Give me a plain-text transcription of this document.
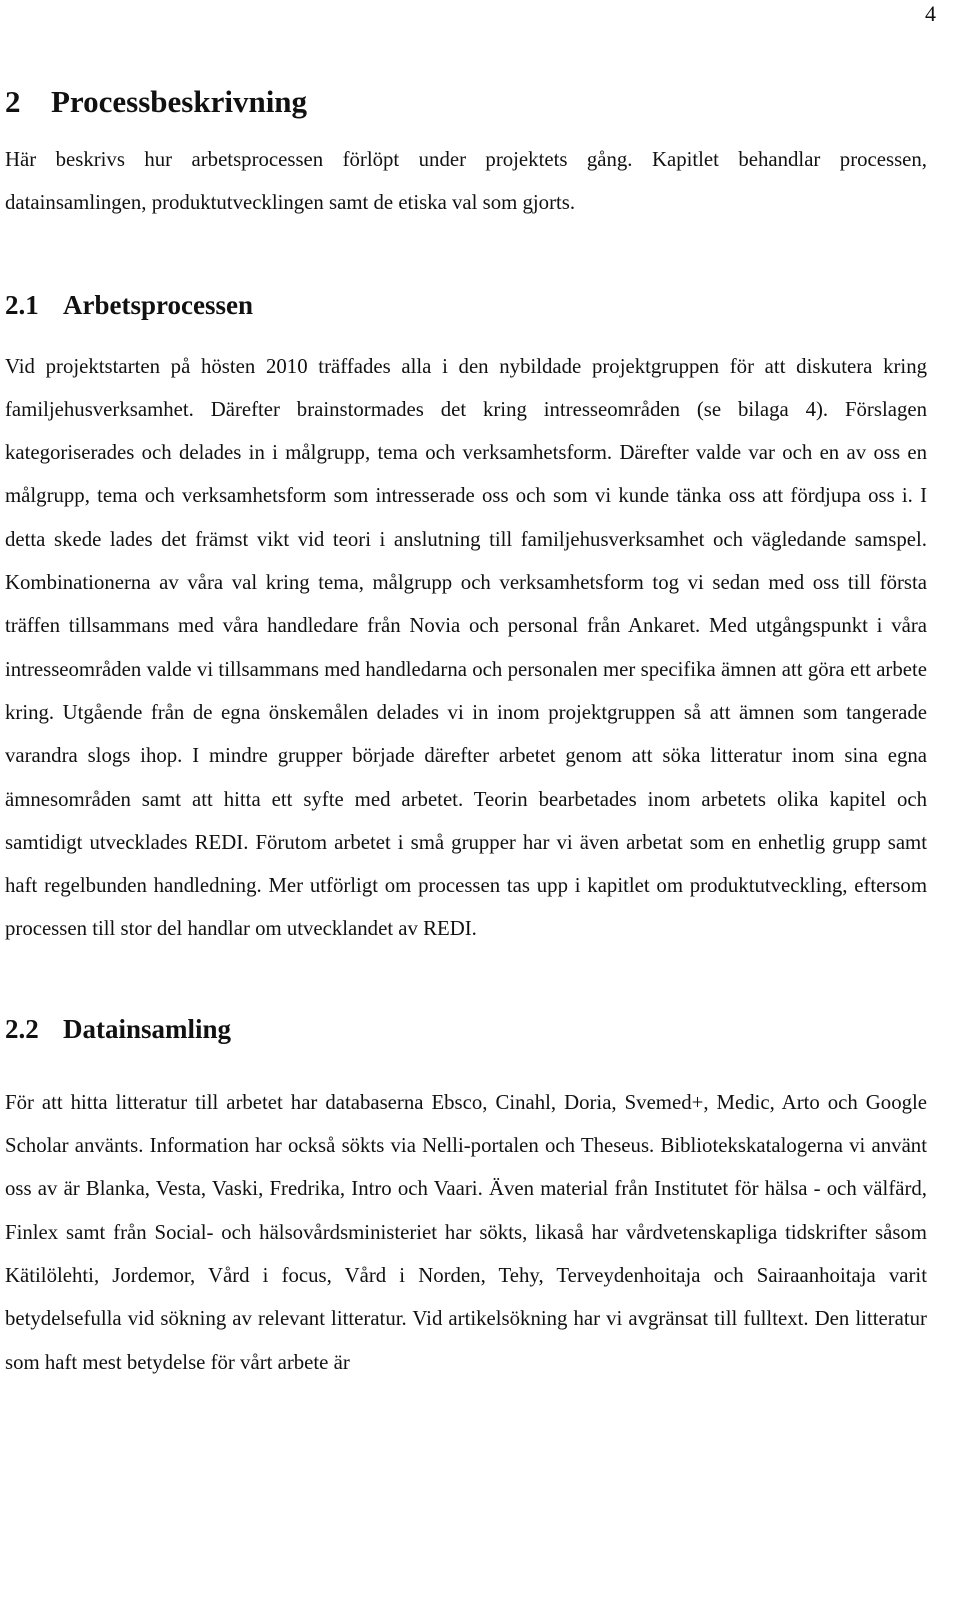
4
2 Processbeskrivning

Här beskrivs hur arbetsprocessen förlöpt under projektets gång. Kapitlet behandlar processen, datainsamlingen, produktutvecklingen samt de etiska val som gjorts.

2.1 Arbetsprocessen

Vid projektstarten på hösten 2010 träffades alla i den nybildade projektgruppen för att diskutera kring familjehusverksamhet. Därefter brainstormades det kring intresseområden (se bilaga 4). Förslagen kategoriserades och delades in i målgrupp, tema och verksamhetsform. Därefter valde var och en av oss en målgrupp, tema och verksamhetsform som intresserade oss och som vi kunde tänka oss att fördjupa oss i. I detta skede lades det främst vikt vid teori i anslutning till familjehusverksamhet och vägledande samspel. Kombinationerna av våra val kring tema, målgrupp och verksamhetsform tog vi sedan med oss till första träffen tillsammans med våra handledare från Novia och personal från Ankaret. Med utgångspunkt i våra intresseområden valde vi tillsammans med handledarna och personalen mer specifika ämnen att göra ett arbete kring. Utgående från de egna önskemålen delades vi in inom projektgruppen så att ämnen som tangerade varandra slogs ihop. I mindre grupper började därefter arbetet genom att söka litteratur inom sina egna ämnesområden samt att hitta ett syfte med arbetet. Teorin bearbetades inom arbetets olika kapitel och samtidigt utvecklades REDI. Förutom arbetet i små grupper har vi även arbetat som en enhetlig grupp samt haft regelbunden handledning. Mer utförligt om processen tas upp i kapitlet om produktutveckling, eftersom processen till stor del handlar om utvecklandet av REDI.

2.2 Datainsamling

För att hitta litteratur till arbetet har databaserna Ebsco, Cinahl, Doria, Svemed+, Medic, Arto och Google Scholar använts. Information har också sökts via Nelli-portalen och Theseus. Bibliotekskatalogerna vi använt oss av är Blanka, Vesta, Vaski, Fredrika, Intro och Vaari. Även material från Institutet för hälsa - och välfärd, Finlex samt från Social- och hälsovårdsministeriet har sökts, likaså har vårdvetenskapliga tidskrifter såsom Kätilölehti, Jordemor, Vård i focus, Vård i Norden, Tehy, Terveydenhoitaja och Sairaanhoitaja varit betydelsefulla vid sökning av relevant litteratur. Vid artikelsökning har vi avgränsat till fulltext. Den litteratur som haft mest betydelse för vårt arbete är
